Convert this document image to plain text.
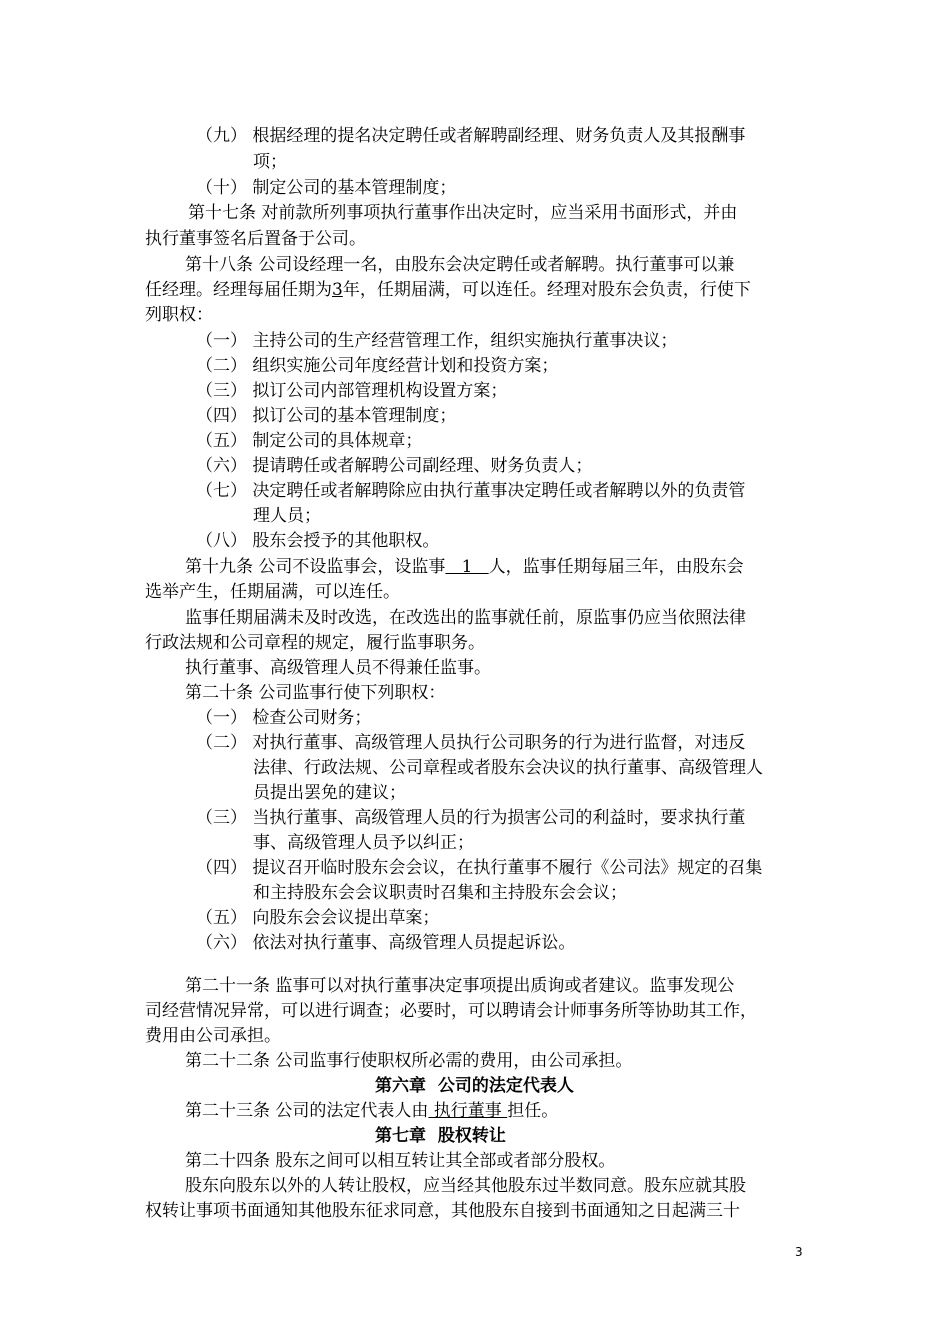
（九） 根据经理的提名决定聘任或者解聘副经理、财务负责人及其报酬事
项；
（十） 制定公司的基本管理制度；
第十七条 对前款所列事项执行董事作出决定时，应当采用书面形式，并由
执行董事签名后置备于公司。
第十八条 公司设经理一名，由股东会决定聘任或者解聘。执行董事可以兼
任经理。经理每届任期为3年，任期届满，可以连任。经理对股东会负责，行使下
列职权：
（一） 主持公司的生产经营管理工作，组织实施执行董事决议；
（二） 组织实施公司年度经营计划和投资方案；
（三） 拟订公司内部管理机构设置方案；
（四） 拟订公司的基本管理制度；
（五） 制定公司的具体规章；
（六） 提请聘任或者解聘公司副经理、财务负责人；
（七） 决定聘任或者解聘除应由执行董事决定聘任或者解聘以外的负责管
理人员；
（八） 股东会授予的其他职权。
第十九条 公司不设监事会，设监事   1   人，监事任期每届三年，由股东会
选举产生，任期届满，可以连任。
监事任期届满未及时改选，在改选出的监事就任前，原监事仍应当依照法律
行政法规和公司章程的规定，履行监事职务。
执行董事、高级管理人员不得兼任监事。
第二十条 公司监事行使下列职权：
（一） 检查公司财务；
（二） 对执行董事、高级管理人员执行公司职务的行为进行监督，对违反
法律、行政法规、公司章程或者股东会决议的执行董事、高级管理人
员提出罢免的建议；
（三） 当执行董事、高级管理人员的行为损害公司的利益时，要求执行董
事、高级管理人员予以纠正；
（四） 提议召开临时股东会会议，在执行董事不履行《公司法》规定的召集
和主持股东会会议职责时召集和主持股东会会议；
（五） 向股东会会议提出草案；
（六） 依法对执行董事、高级管理人员提起诉讼。
第二十一条 监事可以对执行董事决定事项提出质询或者建议。监事发现公
司经营情况异常，可以进行调查；必要时，可以聘请会计师事务所等协助其工作，
费用由公司承担。
第二十二条 公司监事行使职权所必需的费用，由公司承担。
第六章  公司的法定代表人
第二十三条 公司的法定代表人由 执行董事 担任。
第七章  股权转让
第二十四条 股东之间可以相互转让其全部或者部分股权。
股东向股东以外的人转让股权，应当经其他股东过半数同意。股东应就其股
权转让事项书面通知其他股东征求同意，其他股东自接到书面通知之日起满三十
3
